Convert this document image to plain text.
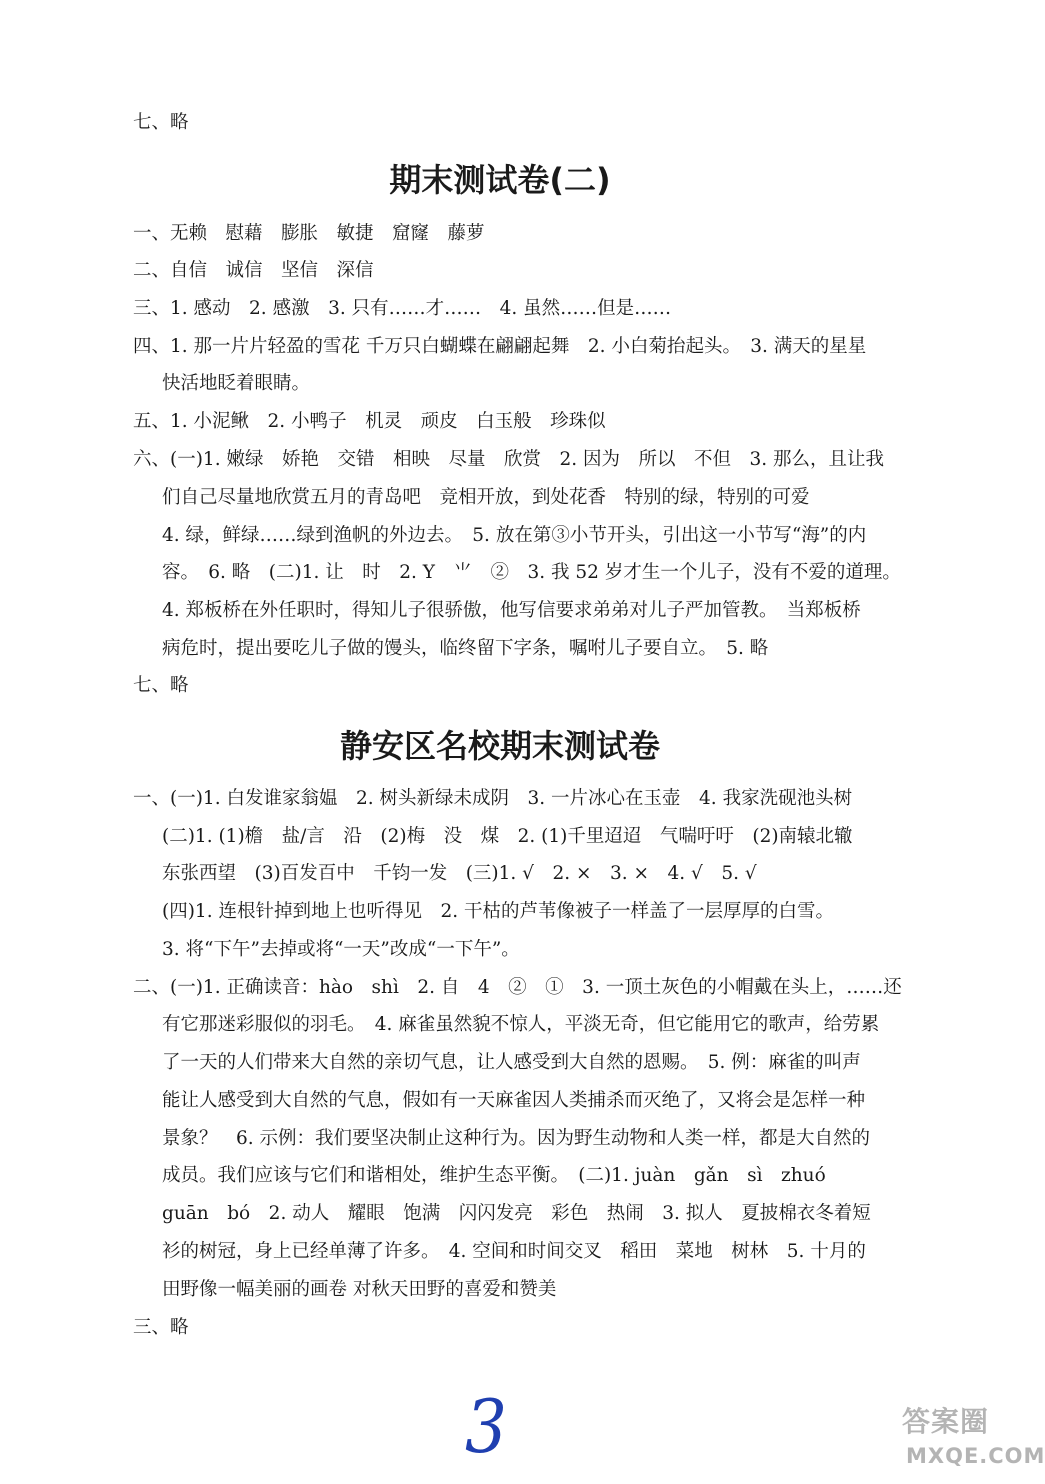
七、略
期末测试卷(二)
一、无赖　慰藉　膨胀　敏捷　窟窿　藤萝
二、自信　诚信　坚信　深信
三、1. 感动　2. 感激　3. 只有……才……　4. 虽然……但是……
四、1. 那一片片轻盈的雪花 千万只白蝴蝶在翩翩起舞　2. 小白菊抬起头。　3. 满天的星星
快活地眨着眼睛。
五、1. 小泥鳅　2. 小鸭子　机灵　顽皮　白玉般　珍珠似
六、(一)1. 嫩绿　娇艳　交错　相映　尽量　欣赏　2. 因为　所以　不但　3. 那么，且让我
们自己尽量地欣赏五月的青岛吧　竞相开放，到处花香　特别的绿，特别的可爱
4. 绿，鲜绿……绿到渔帆的外边去。　5. 放在第③小节开头，引出这一小节写“海”的内
容。　6. 略　(二)1. 让　时　2. Y　⺌　②　3. 我 52 岁才生一个儿子，没有不爱的道理。
4. 郑板桥在外任职时，得知儿子很骄傲，他写信要求弟弟对儿子严加管教。　当郑板桥
病危时，提出要吃儿子做的馒头，临终留下字条，嘱咐儿子要自立。　5. 略
七、略
静安区名校期末测试卷
一、(一)1. 白发谁家翁媪　2. 树头新绿未成阴　3. 一片冰心在玉壶　4. 我家洗砚池头树
(二)1. (1)檐　盐/言　沿　(2)梅　没　煤　2. (1)千里迢迢　气喘吁吁　(2)南辕北辙
东张西望　(3)百发百中　千钧一发　(三)1. √　2. ×　3. ×　4. √　5. √
(四)1. 连根针掉到地上也听得见　2. 干枯的芦苇像被子一样盖了一层厚厚的白雪。
3. 将“下午”去掉或将“一天”改成“一下午”。
二、(一)1. 正确读音：hào　shì　2. 自　4　②　①　3. 一顶土灰色的小帽戴在头上，……还
有它那迷彩服似的羽毛。　4. 麻雀虽然貌不惊人，平淡无奇，但它能用它的歌声，给劳累
了一天的人们带来大自然的亲切气息，让人感受到大自然的恩赐。　5. 例：麻雀的叫声
能让人感受到大自然的气息，假如有一天麻雀因人类捕杀而灭绝了，又将会是怎样一种
景象？　6. 示例：我们要坚决制止这种行为。因为野生动物和人类一样，都是大自然的
成员。我们应该与它们和谐相处，维护生态平衡。　(二)1. juàn　gǎn　sì　zhuó
guān　bó　2. 动人　耀眼　饱满　闪闪发亮　彩色　热闹　3. 拟人　夏披棉衣冬着短
衫的树冠，身上已经单薄了许多。　4. 空间和时间交叉　稻田　菜地　树林　5. 十月的
田野像一幅美丽的画卷 对秋天田野的喜爱和赞美
三、略
3	答案圈
MXQE.COM
